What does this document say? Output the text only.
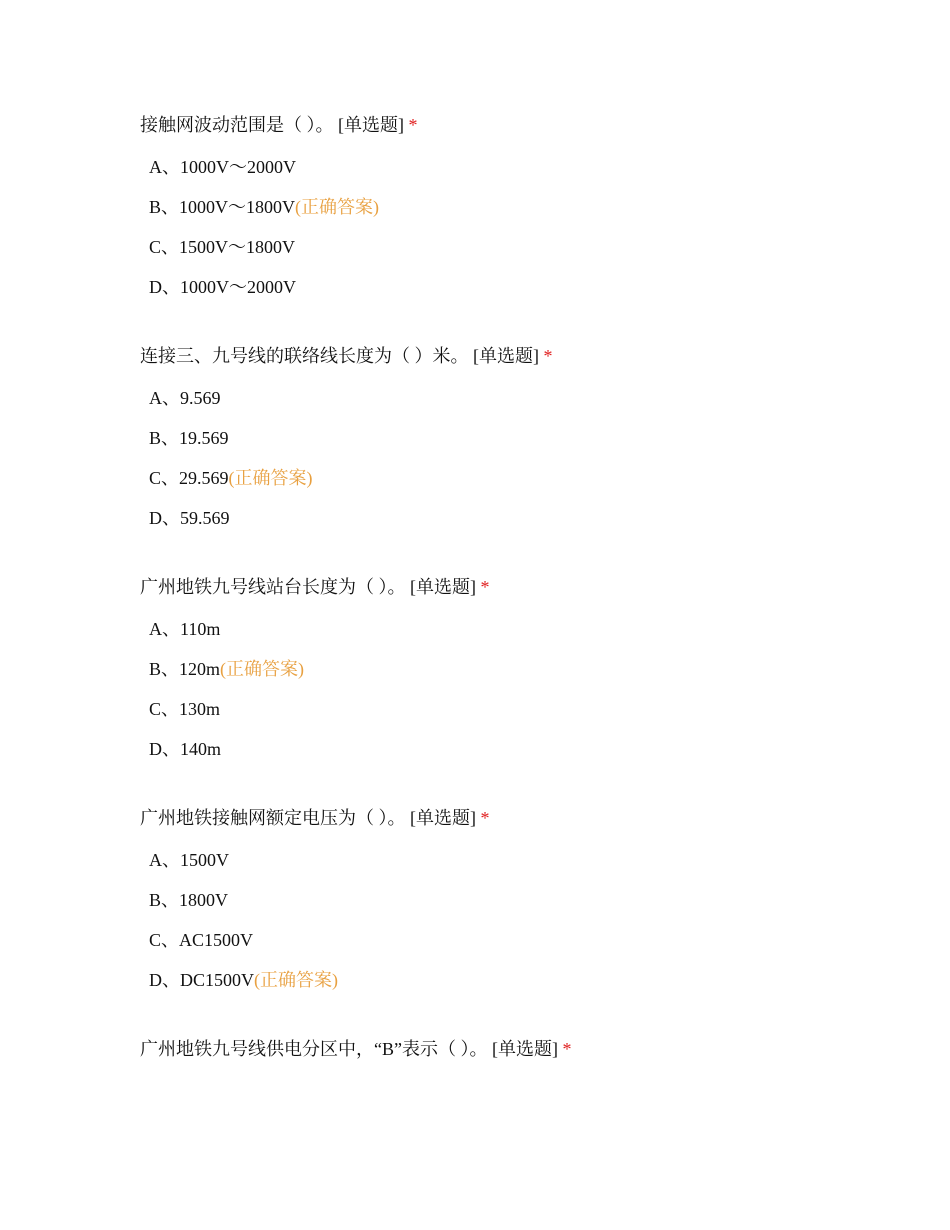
接触网波动范围是（ ）。 [单选题] *
A、1000V～2000V
B、1000V～1800V(正确答案)
C、1500V～1800V
D、1000V～2000V
连接三、九号线的联络线长度为（ ）米。 [单选题] *
A、9.569
B、19.569
C、29.569(正确答案)
D、59.569
广州地铁九号线站台长度为（ ）。 [单选题] *
A、110m
B、120m(正确答案)
C、130m
D、140m
广州地铁接触网额定电压为（ ）。 [单选题] *
A、1500V
B、1800V
C、AC1500V
D、DC1500V(正确答案)
广州地铁九号线供电分区中，“B”表示（ ）。 [单选题] *
